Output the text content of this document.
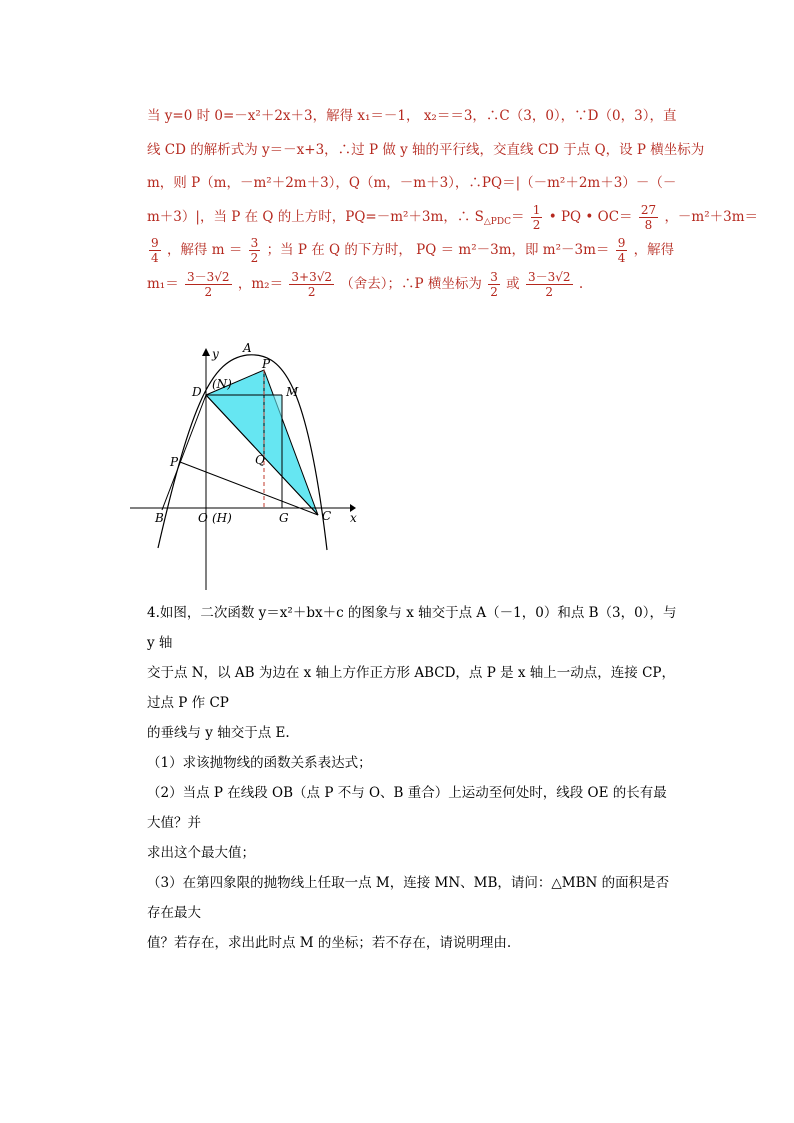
当 y=0 时 0=－x²＋2x＋3，解得 x₁＝－1， x₂＝＝3，∴C（3，0），∵D（0，3），直
线 CD 的解析式为 y＝－x+3，∴过 P 做 y 轴的平行线，交直线 CD 于点 Q，设 P 横坐标为
m，则 P（m，－m²＋2m＋3），Q（m，－m＋3），∴PQ＝|（－m²＋2m＋3）－（－
m＋3）|，当 P 在 Q 的上方时，PQ=－m²＋3m，∴ $S_{\triangle PDC}= \frac{1}{2}$ • PQ • $OC= \frac{27}{8}$ ，－m²＋3m＝
$\frac{9}{4}$ ，解得 $m = \frac{3}{2}$ ；当 P 在 Q 的下方时， PQ ＝ m²－3m，即 $m^2-3m= \frac{9}{4}$ ，解得
$m_1= \frac{3-3√2}{2}$ ，$m_2= \frac{3+3√2}{2}$ （舍去）；∴P 横坐标为 $\frac{3}{2}$ 或 $\frac{3-3√2}{2}$ .
y A
P
D
(N)
M
Q
P
B	O (H)	G	C x

4.如图，二次函数 y＝x²＋bx＋c 的图象与 x 轴交于点 A（－1，0）和点 B（3，0），与 y 轴

交于点 N，以 AB 为边在 x 轴上方作正方形 ABCD，点 P 是 x 轴上一动点，连接 CP，过点 P 作 CP

的垂线与 y 轴交于点 E.

（1）求该抛物线的函数关系表达式；

（2）当点 P 在线段 OB（点 P 不与 O、B 重合）上运动至何处时，线段 OE 的长有最大值？并

求出这个最大值；

（3）在第四象限的抛物线上任取一点 M，连接 MN、MB，请问：△MBN 的面积是否存在最大

值？若存在，求出此时点 M 的坐标；若不存在，请说明理由.
